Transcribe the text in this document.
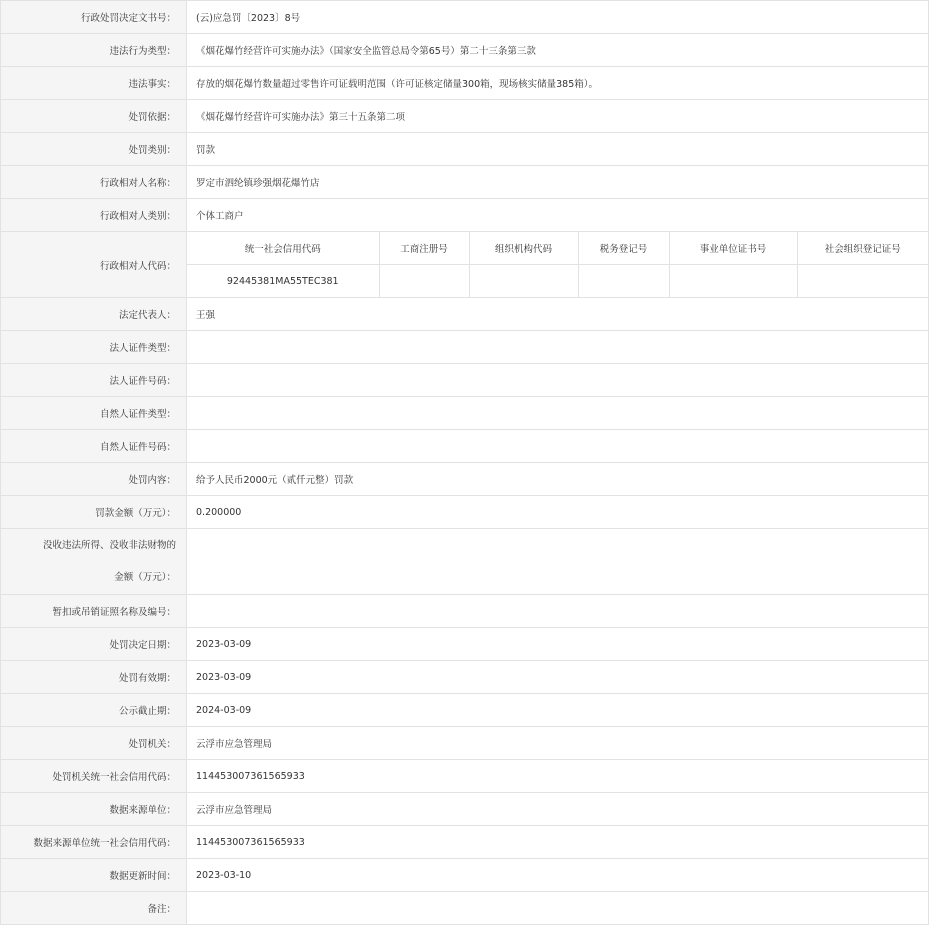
行政处罚决定文书号：	(云)应急罚〔2023〕8号
违法行为类型：	《烟花爆竹经营许可实施办法》（国家安全监管总局令第65号）第二十三条第三款
违法事实：	存放的烟花爆竹数量超过零售许可证载明范围（许可证核定储量300箱，现场核实储量385箱）。
处罚依据：	《烟花爆竹经营许可实施办法》第三十五条第二项
处罚类别：	罚款
行政相对人名称：	罗定市泗纶镇珍强烟花爆竹店
行政相对人类别：	个体工商户
行政相对人代码：	
统一社会信用代码	工商注册号	组织机构代码	税务登记号	事业单位证书号	社会组织登记证号
92445381MA55TEC381					

法定代表人：	王强
法人证件类型：	
法人证件号码：	
自然人证件类型：	
自然人证件号码：	
处罚内容：	给予人民币2000元（贰仟元整）罚款
罚款金额（万元）：	0.200000
没收违法所得、没收非法财物的
金额（万元）：	
暂扣或吊销证照名称及编号：	
处罚决定日期：	2023-03-09
处罚有效期：	2023-03-09
公示截止期：	2024-03-09
处罚机关：	云浮市应急管理局
处罚机关统一社会信用代码：	114453007361565933
数据来源单位：	云浮市应急管理局
数据来源单位统一社会信用代码：	114453007361565933
数据更新时间：	2023-03-10
备注：	
